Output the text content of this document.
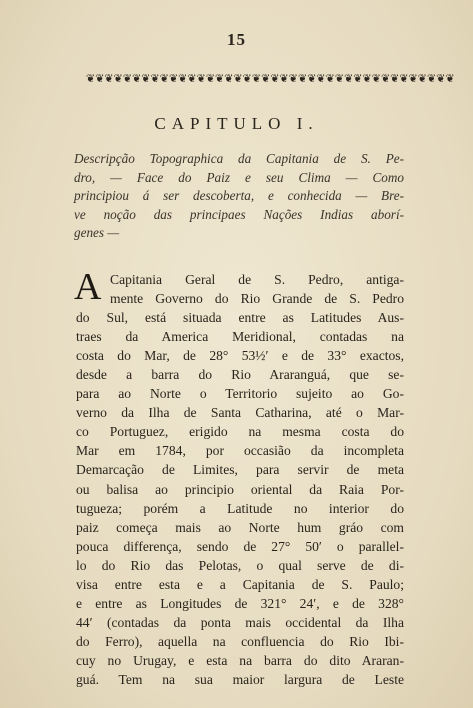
15
❦❦❦❦❦❦❦❦❦❦❦❦❦❦❦❦❦❦❦❦❦❦❦❦❦❦❦❦❦❦❦❦❦❦❦❦❦❦❦❦
CAPITULO I.
Descripção Topographica da Capitania de S. Pe-
dro, — Face do Paiz e seu Clima — Como
principiou á ser descoberta, e conhecida — Bre-
ve noção das principaes Nações Indias aborí-
genes —
A Capitania Geral de S. Pedro, antiga-
mente Governo do Rio Grande de S. Pedro
do Sul, está situada entre as Latitudes Aus-
traes da America Meridional, contadas na
costa do Mar, de 28° 53½′ e de 33° exactos,
desde a barra do Rio Araranguá, que se-
para ao Norte o Territorio sujeito ao Go-
verno da Ilha de Santa Catharina, até o Mar-
co Portuguez, erigido na mesma costa do
Mar em 1784, por occasião da incompleta
Demarcação de Limites, para servir de meta
ou balisa ao principio oriental da Raia Por-
tugueza; porém a Latitude no interior do
paiz começa mais ao Norte hum gráo com
pouca differença, sendo de 27° 50′ o parallel-
lo do Rio das Pelotas, o qual serve de di-
visa entre esta e a Capitania de S. Paulo;
e entre as Longitudes de 321° 24′, e de 328°
44′ (contadas da ponta mais occidental da Ilha
do Ferro), aquella na confluencia do Rio Ibi-
cuy no Urugay, e esta na barra do dito Araran-
guá. Tem na sua maior largura de Leste
